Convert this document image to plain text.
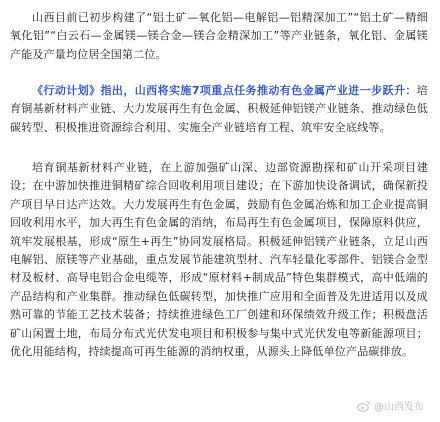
山西目前已初步构建了“铝土矿—氧化铝—电解铝—铝精深加工”“铝土矿—精细氧化铝”“白云石—金属镁—镁合金—镁合金精深加工”等产业链条，氧化铝、金属镁产能及产量均位居全国第二位。

《行动计划》指出，山西将实施7项重点任务推动有色金属产业进一步跃升：培育铜基新材料产业链、大力发展再生有色金属、积极延伸铝镁产业链条、推动绿色低碳转型、积极推进资源综合利用、实施全产业链培育工程、筑牢安全底线等。

培育铜基新材料产业链，在上游加强矿山深、边部资源勘探和矿山开采项目建设；在中游加快推进铜精矿综合回收利用项目建设；在下游加快设备调试，确保新投产项目早日达产达效。大力发展再生有色金属，鼓励有色金属冶炼和加工企业提高铜回收利用水平，加大再生有色金属的消纳，布局再生有色金属项目，保障原料供应，筑牢发展根基，形成“原生+再生”协同发展格局。积极延伸铝镁产业链条，立足山西电解铝、原镁等产业基础，重点发展节能建筑型材、汽车轻量化零部件、铝镁合金型材及板材、高导电铝合金电缆等，形成“原材料+制成品”特色集群模式，高中低端的产品结构和产业集群。推动绿色低碳转型，加快推广应用和全面普及先进适用以及成熟可靠的节能工艺技术装备；持续推进绿色工厂创建和环保绩效升级工作；积极盘活矿山闲置土地，布局分布式光伏发电项目和积极参与集中式光伏发电等新能源项目；优化用能结构，持续提高可再生能源的消纳权重，从源头上降低单位产品碳排放。

@山西发布
